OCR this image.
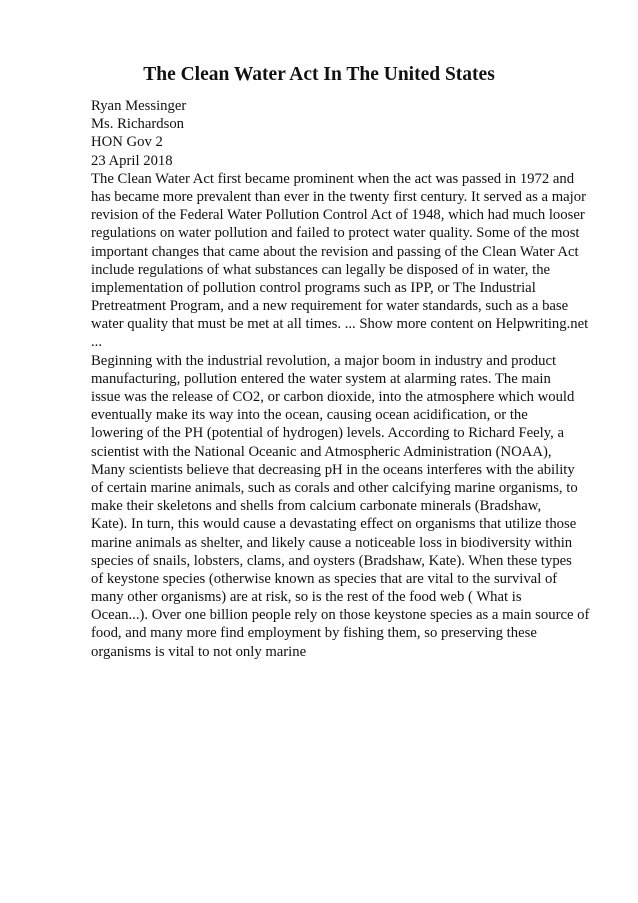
The Clean Water Act In The United States
Ryan Messinger
Ms. Richardson
HON Gov 2
23 April 2018
The Clean Water Act first became prominent when the act was passed in 1972 and
has became more prevalent than ever in the twenty first century. It served as a major
revision of the Federal Water Pollution Control Act of 1948, which had much looser
regulations on water pollution and failed to protect water quality. Some of the most
important changes that came about the revision and passing of the Clean Water Act
include regulations of what substances can legally be disposed of in water, the
implementation of pollution control programs such as IPP, or The Industrial
Pretreatment Program, and a new requirement for water standards, such as a base
water quality that must be met at all times. ... Show more content on Helpwriting.net
...
Beginning with the industrial revolution, a major boom in industry and product
manufacturing, pollution entered the water system at alarming rates. The main
issue was the release of CO2, or carbon dioxide, into the atmosphere which would
eventually make its way into the ocean, causing ocean acidification, or the
lowering of the PH (potential of hydrogen) levels. According to Richard Feely, a
scientist with the National Oceanic and Atmospheric Administration (NOAA),
Many scientists believe that decreasing pH in the oceans interferes with the ability
of certain marine animals, such as corals and other calcifying marine organisms, to
make their skeletons and shells from calcium carbonate minerals (Bradshaw,
Kate). In turn, this would cause a devastating effect on organisms that utilize those
marine animals as shelter, and likely cause a noticeable loss in biodiversity within
species of snails, lobsters, clams, and oysters (Bradshaw, Kate). When these types
of keystone species (otherwise known as species that are vital to the survival of
many other organisms) are at risk, so is the rest of the food web ( What is
Ocean...). Over one billion people rely on those keystone species as a main source of
food, and many more find employment by fishing them, so preserving these
organisms is vital to not only marine
